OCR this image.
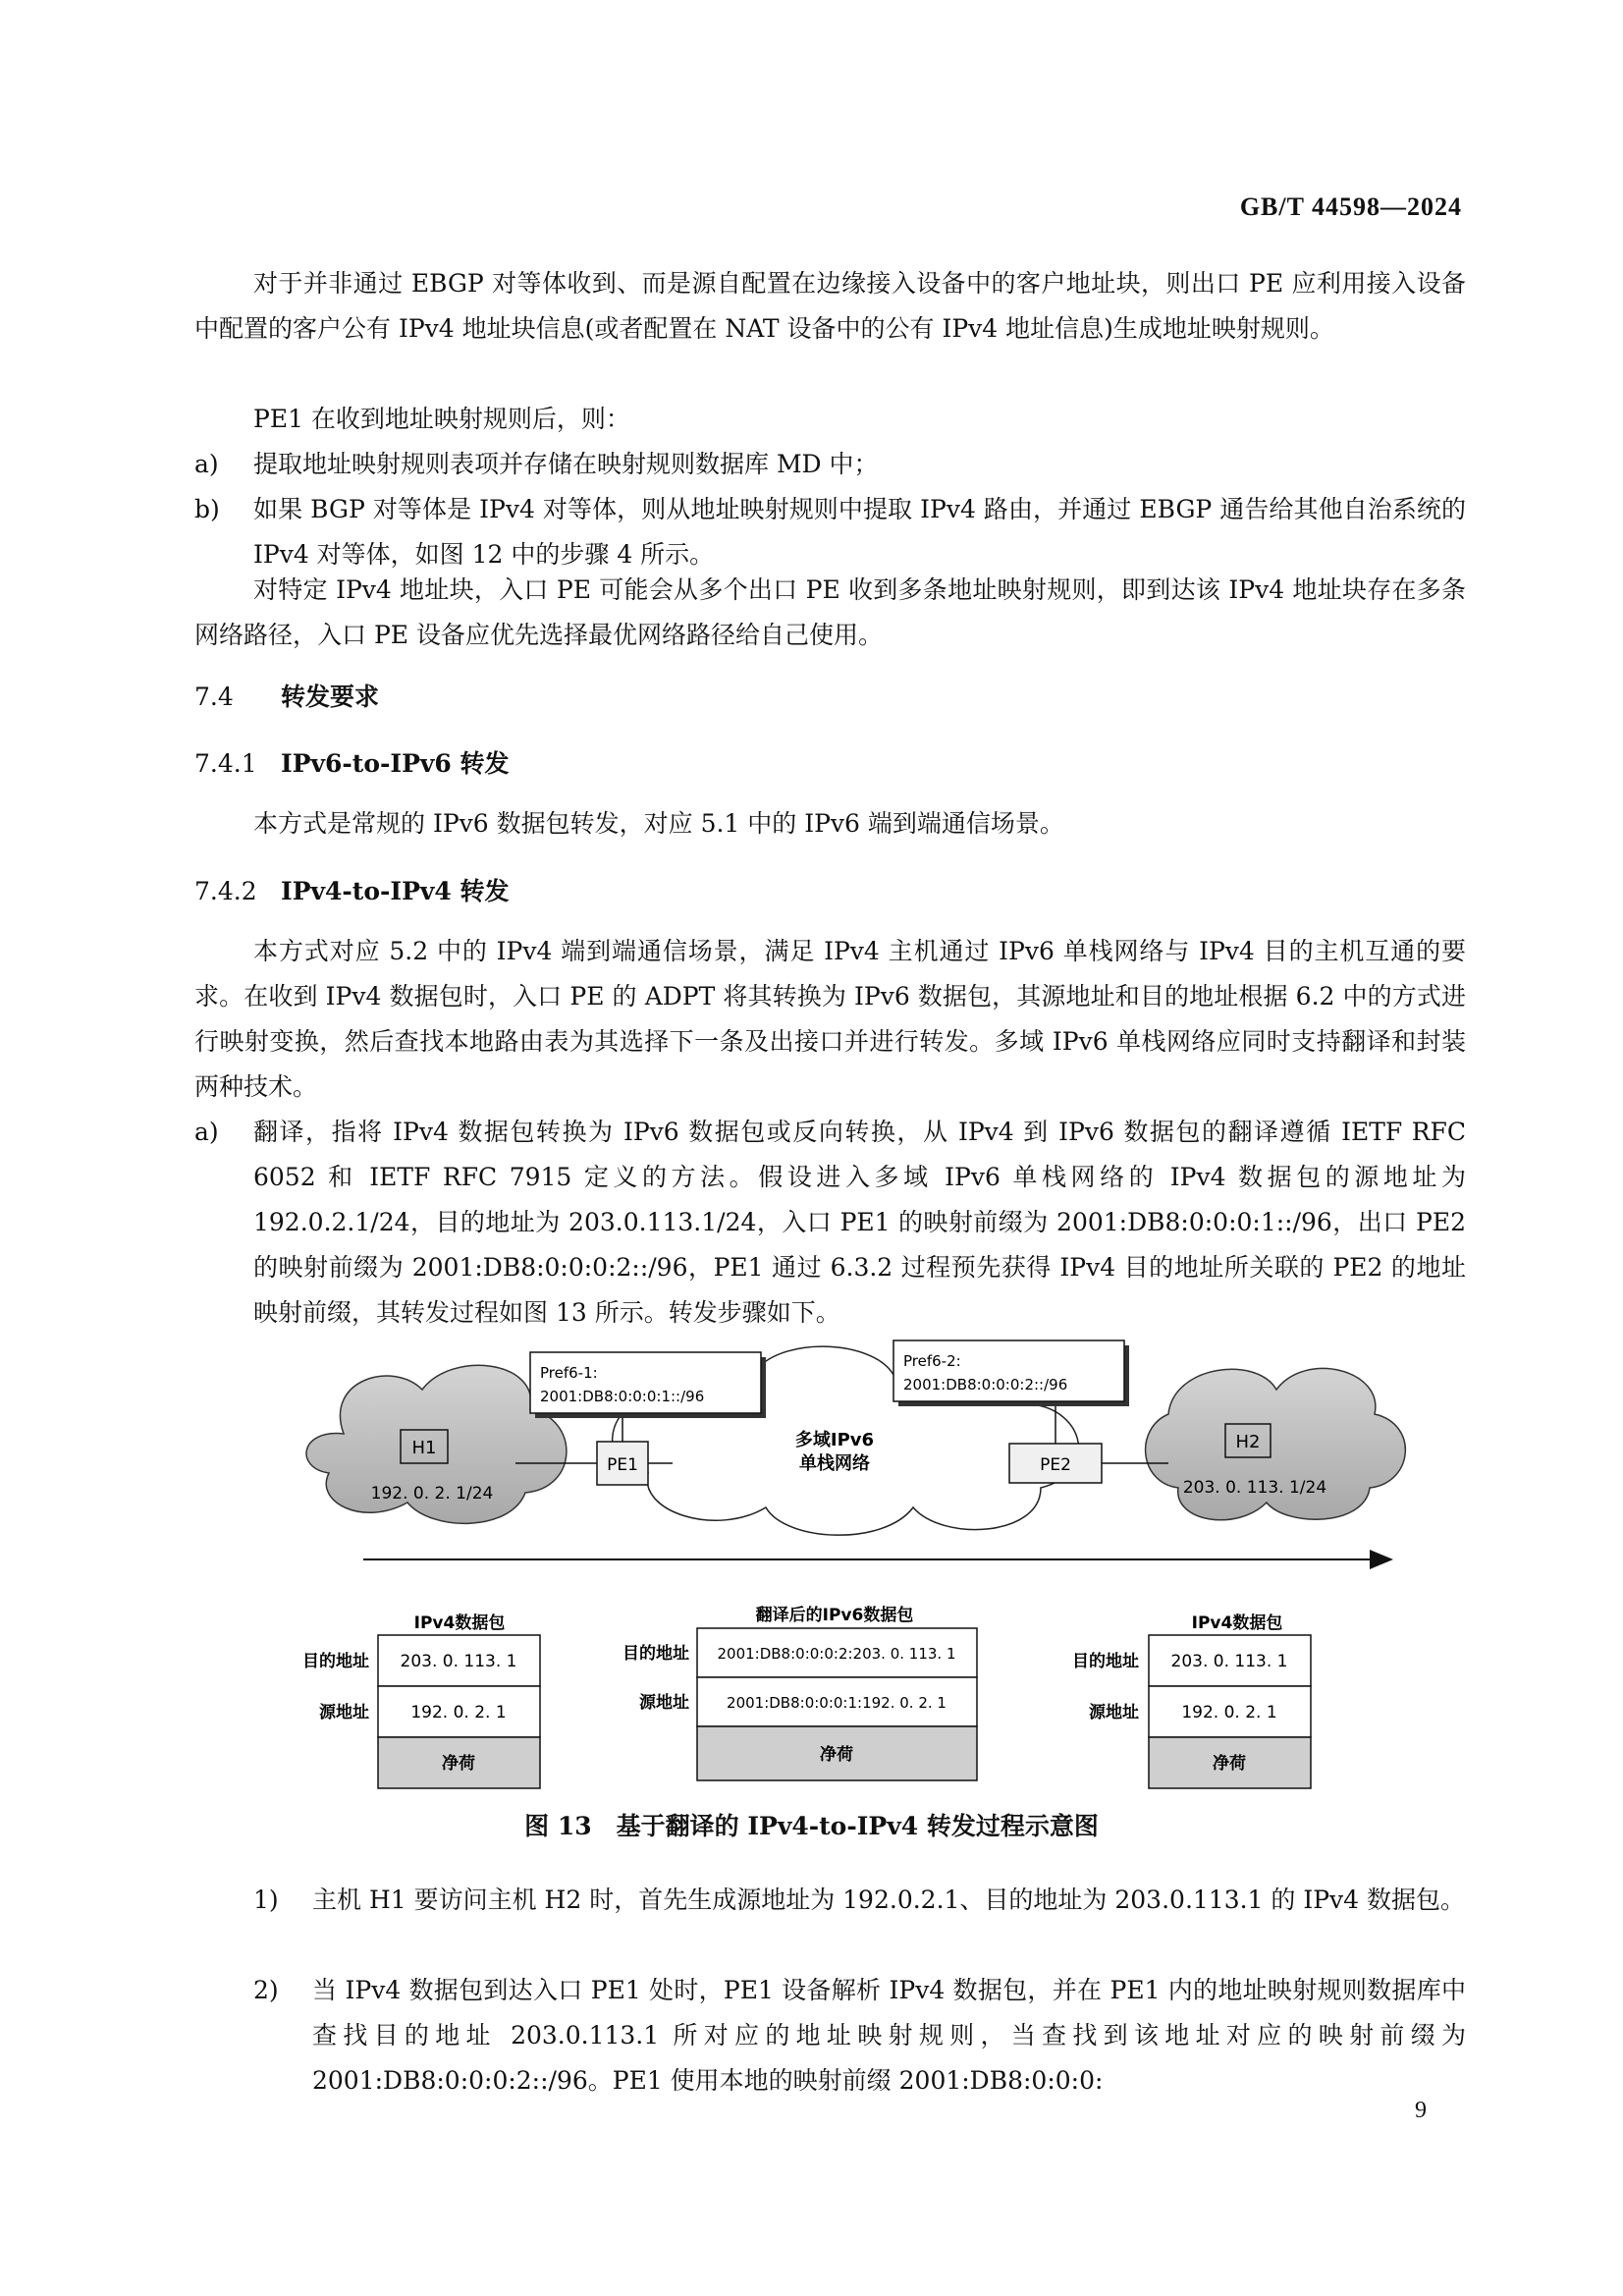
GB/T 44598—2024
对于并非通过 EBGP 对等体收到、而是源自配置在边缘接入设备中的客户地址块，则出口 PE 应利用接入设备中配置的客户公有 IPv4 地址块信息(或者配置在 NAT 设备中的公有 IPv4 地址信息)生成地址映射规则。
PE1 在收到地址映射规则后，则：
a) 提取地址映射规则表项并存储在映射规则数据库 MD 中；
b) 如果 BGP 对等体是 IPv4 对等体，则从地址映射规则中提取 IPv4 路由，并通过 EBGP 通告给其他自治系统的 IPv4 对等体，如图 12 中的步骤 4 所示。
对特定 IPv4 地址块，入口 PE 可能会从多个出口 PE 收到多条地址映射规则，即到达该 IPv4 地址块存在多条网络路径，入口 PE 设备应优先选择最优网络路径给自己使用。
7.4 转发要求
7.4.1 IPv6-to-IPv6 转发
本方式是常规的 IPv6 数据包转发，对应 5.1 中的 IPv6 端到端通信场景。
7.4.2 IPv4-to-IPv4 转发
本方式对应 5.2 中的 IPv4 端到端通信场景，满足 IPv4 主机通过 IPv6 单栈网络与 IPv4 目的主机互通的要求。在收到 IPv4 数据包时，入口 PE 的 ADPT 将其转换为 IPv6 数据包，其源地址和目的地址根据 6.2 中的方式进行映射变换，然后查找本地路由表为其选择下一条及出接口并进行转发。多域 IPv6 单栈网络应同时支持翻译和封装两种技术。
a) 翻译，指将 IPv4 数据包转换为 IPv6 数据包或反向转换，从 IPv4 到 IPv6 数据包的翻译遵循 IETF RFC 6052 和 IETF RFC 7915 定义的方法。假设进入多域 IPv6 单栈网络的 IPv4 数据包的源地址为 192.0.2.1/24，目的地址为 203.0.113.1/24，入口 PE1 的映射前缀为 2001:DB8:0:0:0:1::/96，出口 PE2 的映射前缀为 2001:DB8:0:0:0:2::/96，PE1 通过 6.3.2 过程预先获得 IPv4 目的地址所关联的 PE2 的地址映射前缀，其转发过程如图 13 所示。转发步骤如下。
H1
192. 0. 2. 1/24
PE1	PE2
H2
203. 0. 113. 1/24
多域IPv6
单栈网络
Pref6-1:
2001:DB8:0:0:0:1::/96
Pref6-2:
2001:DB8:0:0:0:2::/96
IPv4数据包
目的地址
源地址
203. 0. 113. 1
192. 0. 2. 1
净荷
翻译后的IPv6数据包
目的地址
源地址
2001:DB8:0:0:0:2:203. 0. 113. 1
2001:DB8:0:0:0:1:192. 0. 2. 1
净荷
IPv4数据包
目的地址
源地址
203. 0. 113. 1
192. 0. 2. 1
净荷
图 13　基于翻译的 IPv4-to-IPv4 转发过程示意图
1) 主机 H1 要访问主机 H2 时，首先生成源地址为 192.0.2.1、目的地址为 203.0.113.1 的 IPv4 数据包。
2) 当 IPv4 数据包到达入口 PE1 处时，PE1 设备解析 IPv4 数据包，并在 PE1 内的地址映射规则数据库中查找目的地址 203.0.113.1 所对应的地址映射规则，当查找到该地址对应的映射前缀为 2001:DB8:0:0:0:2::/96。PE1 使用本地的映射前缀 2001:DB8:0:0:0:
9
